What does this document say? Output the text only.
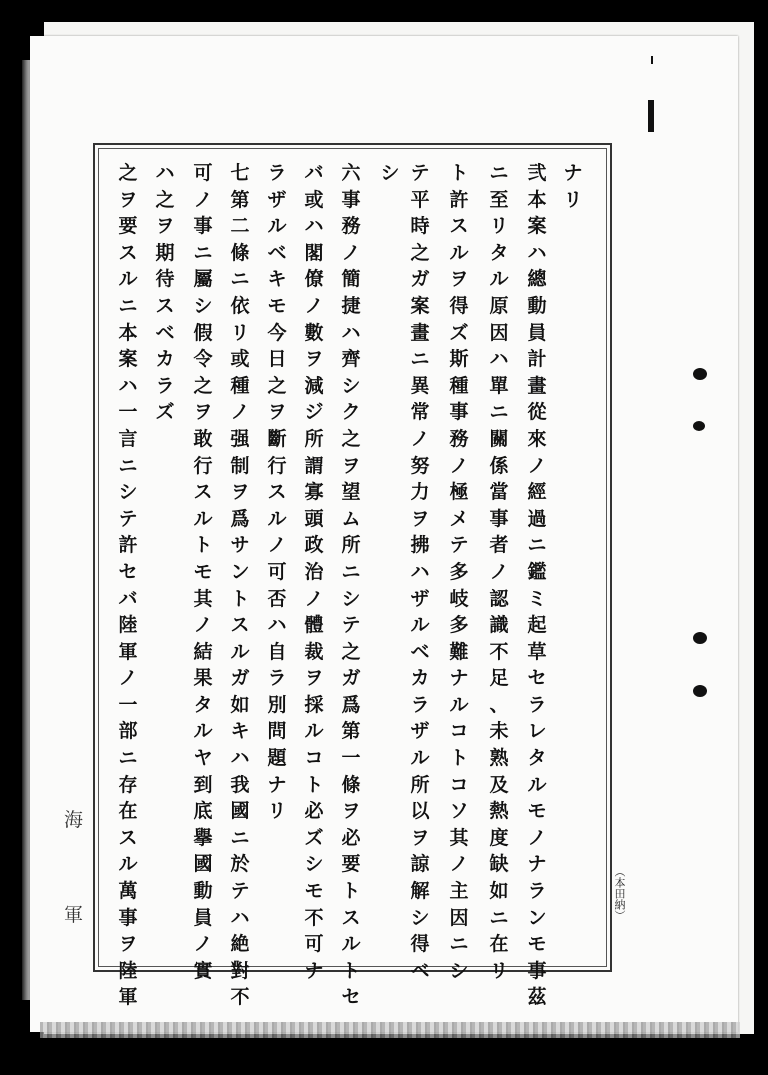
ナ
リ
弐
本
案
ハ
總
動
員
計
畫
從
來
ノ
經
過
ニ
鑑
ミ
起
草
セ
ラ
レ
タ
ル
モ
ノ
ナ
ラ
ン
モ
事
茲
ニ
至
リ
タ
ル
原
因
ハ
單
ニ
關
係
當
事
者
ノ
認
識
不
足
、
未
熟
及
熱
度
缺
如
ニ
在
リ
ト
許
ス
ル
ヲ
得
ズ
斯
種
事
務
ノ
極
メ
テ
多
岐
多
難
ナ
ル
コ
ト
コ
ソ
其
ノ
主
因
ニ
シ
テ
平
時
之
ガ
案
畫
ニ
異
常
ノ
努
力
ヲ
拂
ハ
ザ
ル
ベ
カ
ラ
ザ
ル
所
以
ヲ
諒
解
シ
得
ベ
シ
六
事
務
ノ
簡
捷
ハ
齊
シ
ク
之
ヲ
望
ム
所
ニ
シ
テ
之
ガ
爲
第
一
條
ヲ
必
要
ト
ス
ル
ト
セ
バ
或
ハ
閣
僚
ノ
數
ヲ
減
ジ
所
謂
寡
頭
政
治
ノ
體
裁
ヲ
採
ル
コ
ト
必
ズ
シ
モ
不
可
ナ
ラ
ザ
ル
ベ
キ
モ
今
日
之
ヲ
斷
行
ス
ル
ノ
可
否
ハ
自
ラ
別
問
題
ナ
リ
七
第
二
條
ニ
依
リ
或
種
ノ
强
制
ヲ
爲
サ
ン
ト
ス
ル
ガ
如
キ
ハ
我
國
ニ
於
テ
ハ
絶
對
不
可
ノ
事
ニ
屬
シ
假
令
之
ヲ
敢
行
ス
ル
ト
モ
其
ノ
結
果
タ
ル
ヤ
到
底
擧
國
動
員
ノ
實
ハ
之
ヲ
期
待
ス
ベ
カ
ラ
ズ
之
ヲ
要
ス
ル
ニ
本
案
ハ
一
言
ニ
シ
テ
許
セ
バ
陸
軍
ノ
一
部
ニ
存
在
ス
ル
萬
事
ヲ
陸
軍
海
軍	（本田納）
